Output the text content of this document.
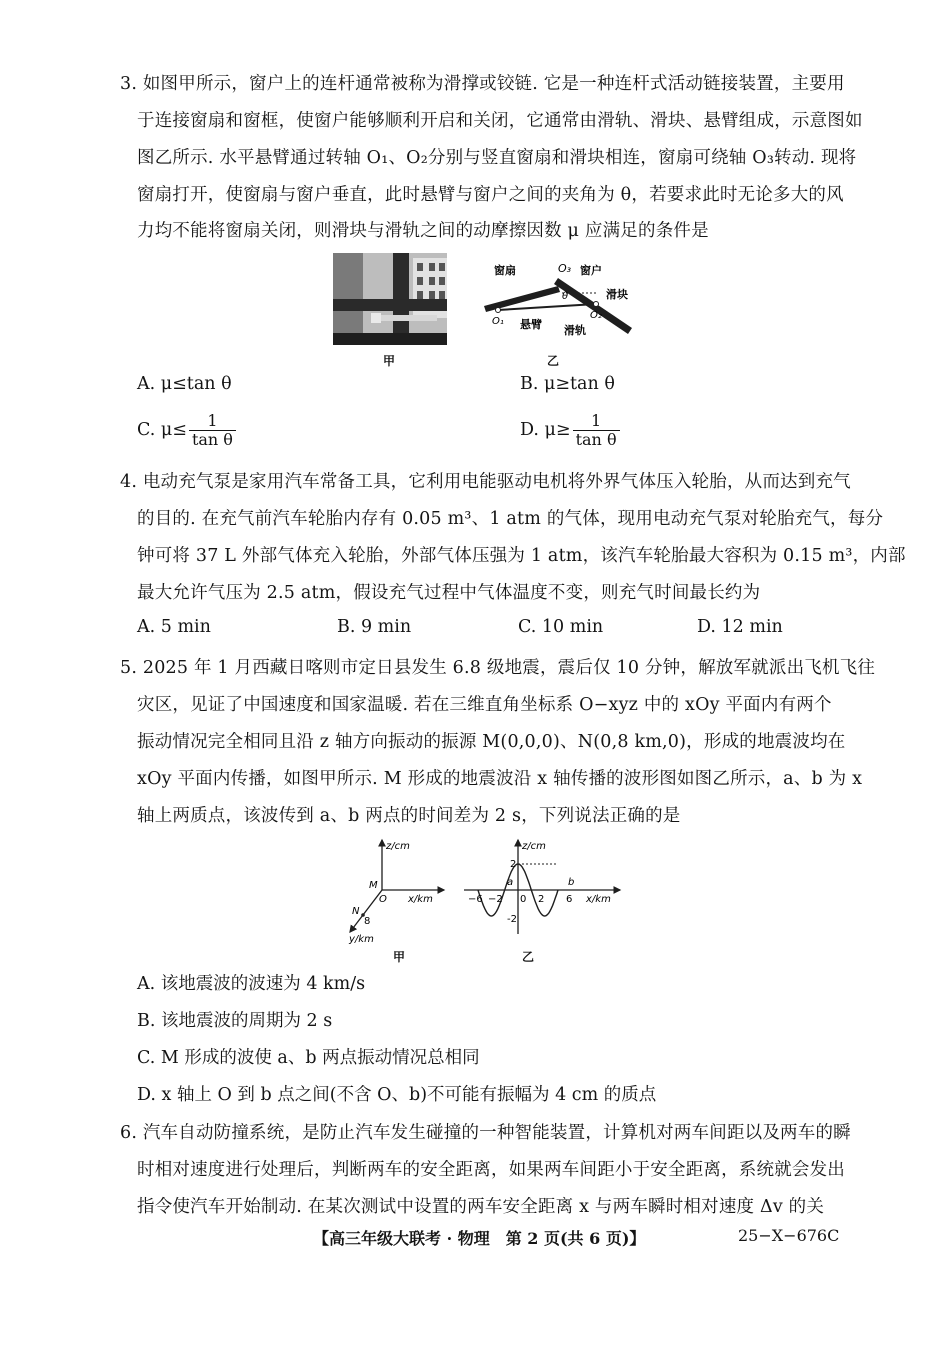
3. 如图甲所示，窗户上的连杆通常被称为滑撑或铰链. 它是一种连杆式活动链接装置，主要用
于连接窗扇和窗框，使窗户能够顺利开启和关闭，它通常由滑轨、滑块、悬臂组成，示意图如
图乙所示. 水平悬臂通过转轴 O₁、O₂分别与竖直窗扇和滑块相连，窗扇可绕轴 O₃转动. 现将
窗扇打开，使窗扇与窗户垂直，此时悬臂与窗户之间的夹角为 θ，若要求此时无论多大的风
力均不能将窗扇关闭，则滑块与滑轨之间的动摩擦因数 μ 应满足的条件是
甲
窗扇	O₃ 窗户
θ	滑块
O₁
O₂
悬臂 滑轨
乙
A. μ≤tan θ	B. μ≥tan θ
C. $\mu\le \frac{1}{\text{tan θ}}$	D. $\mu\ge \frac{1}{\text{tan θ}}$
4. 电动充气泵是家用汽车常备工具，它利用电能驱动电机将外界气体压入轮胎，从而达到充气
的目的. 在充气前汽车轮胎内存有 0.05 m³、1 atm 的气体，现用电动充气泵对轮胎充气，每分
钟可将 37 L 外部气体充入轮胎，外部气体压强为 1 atm，该汽车轮胎最大容积为 0.15 m³，内部
最大允许气压为 2.5 atm，假设充气过程中气体温度不变，则充气时间最长约为
A. 5 min	B. 9 min	C. 10 min	D. 12 min
5. 2025 年 1 月西藏日喀则市定日县发生 6.8 级地震，震后仅 10 分钟，解放军就派出飞机飞往
灾区，见证了中国速度和国家温暖. 若在三维直角坐标系 O−xyz 中的 xOy 平面内有两个
振动情况完全相同且沿 z 轴方向振动的振源 M(0,0,0)、N(0,8 km,0)，形成的地震波均在
xOy 平面内传播，如图甲所示. M 形成的地震波沿 x 轴传播的波形图如图乙所示，a、b 为 x
轴上两质点，该波传到 a、b 两点的时间差为 2 s，下列说法正确的是
z/cm
M
O x/km
N
8
y/km
甲
z/cm
2
-2
a	b
−6 −2 0 2 6 x/km
乙
A. 该地震波的波速为 4 km/s
B. 该地震波的周期为 2 s
C. M 形成的波使 a、b 两点振动情况总相同
D. x 轴上 O 到 b 点之间(不含 O、b)不可能有振幅为 4 cm 的质点
6. 汽车自动防撞系统，是防止汽车发生碰撞的一种智能装置，计算机对两车间距以及两车的瞬
时相对速度进行处理后，判断两车的安全距离，如果两车间距小于安全距离，系统就会发出
指令使汽车开始制动. 在某次测试中设置的两车安全距离 x 与两车瞬时相对速度 Δv 的关
【高三年级大联考 · 物理　第 2 页(共 6 页)】	25−X−676C
